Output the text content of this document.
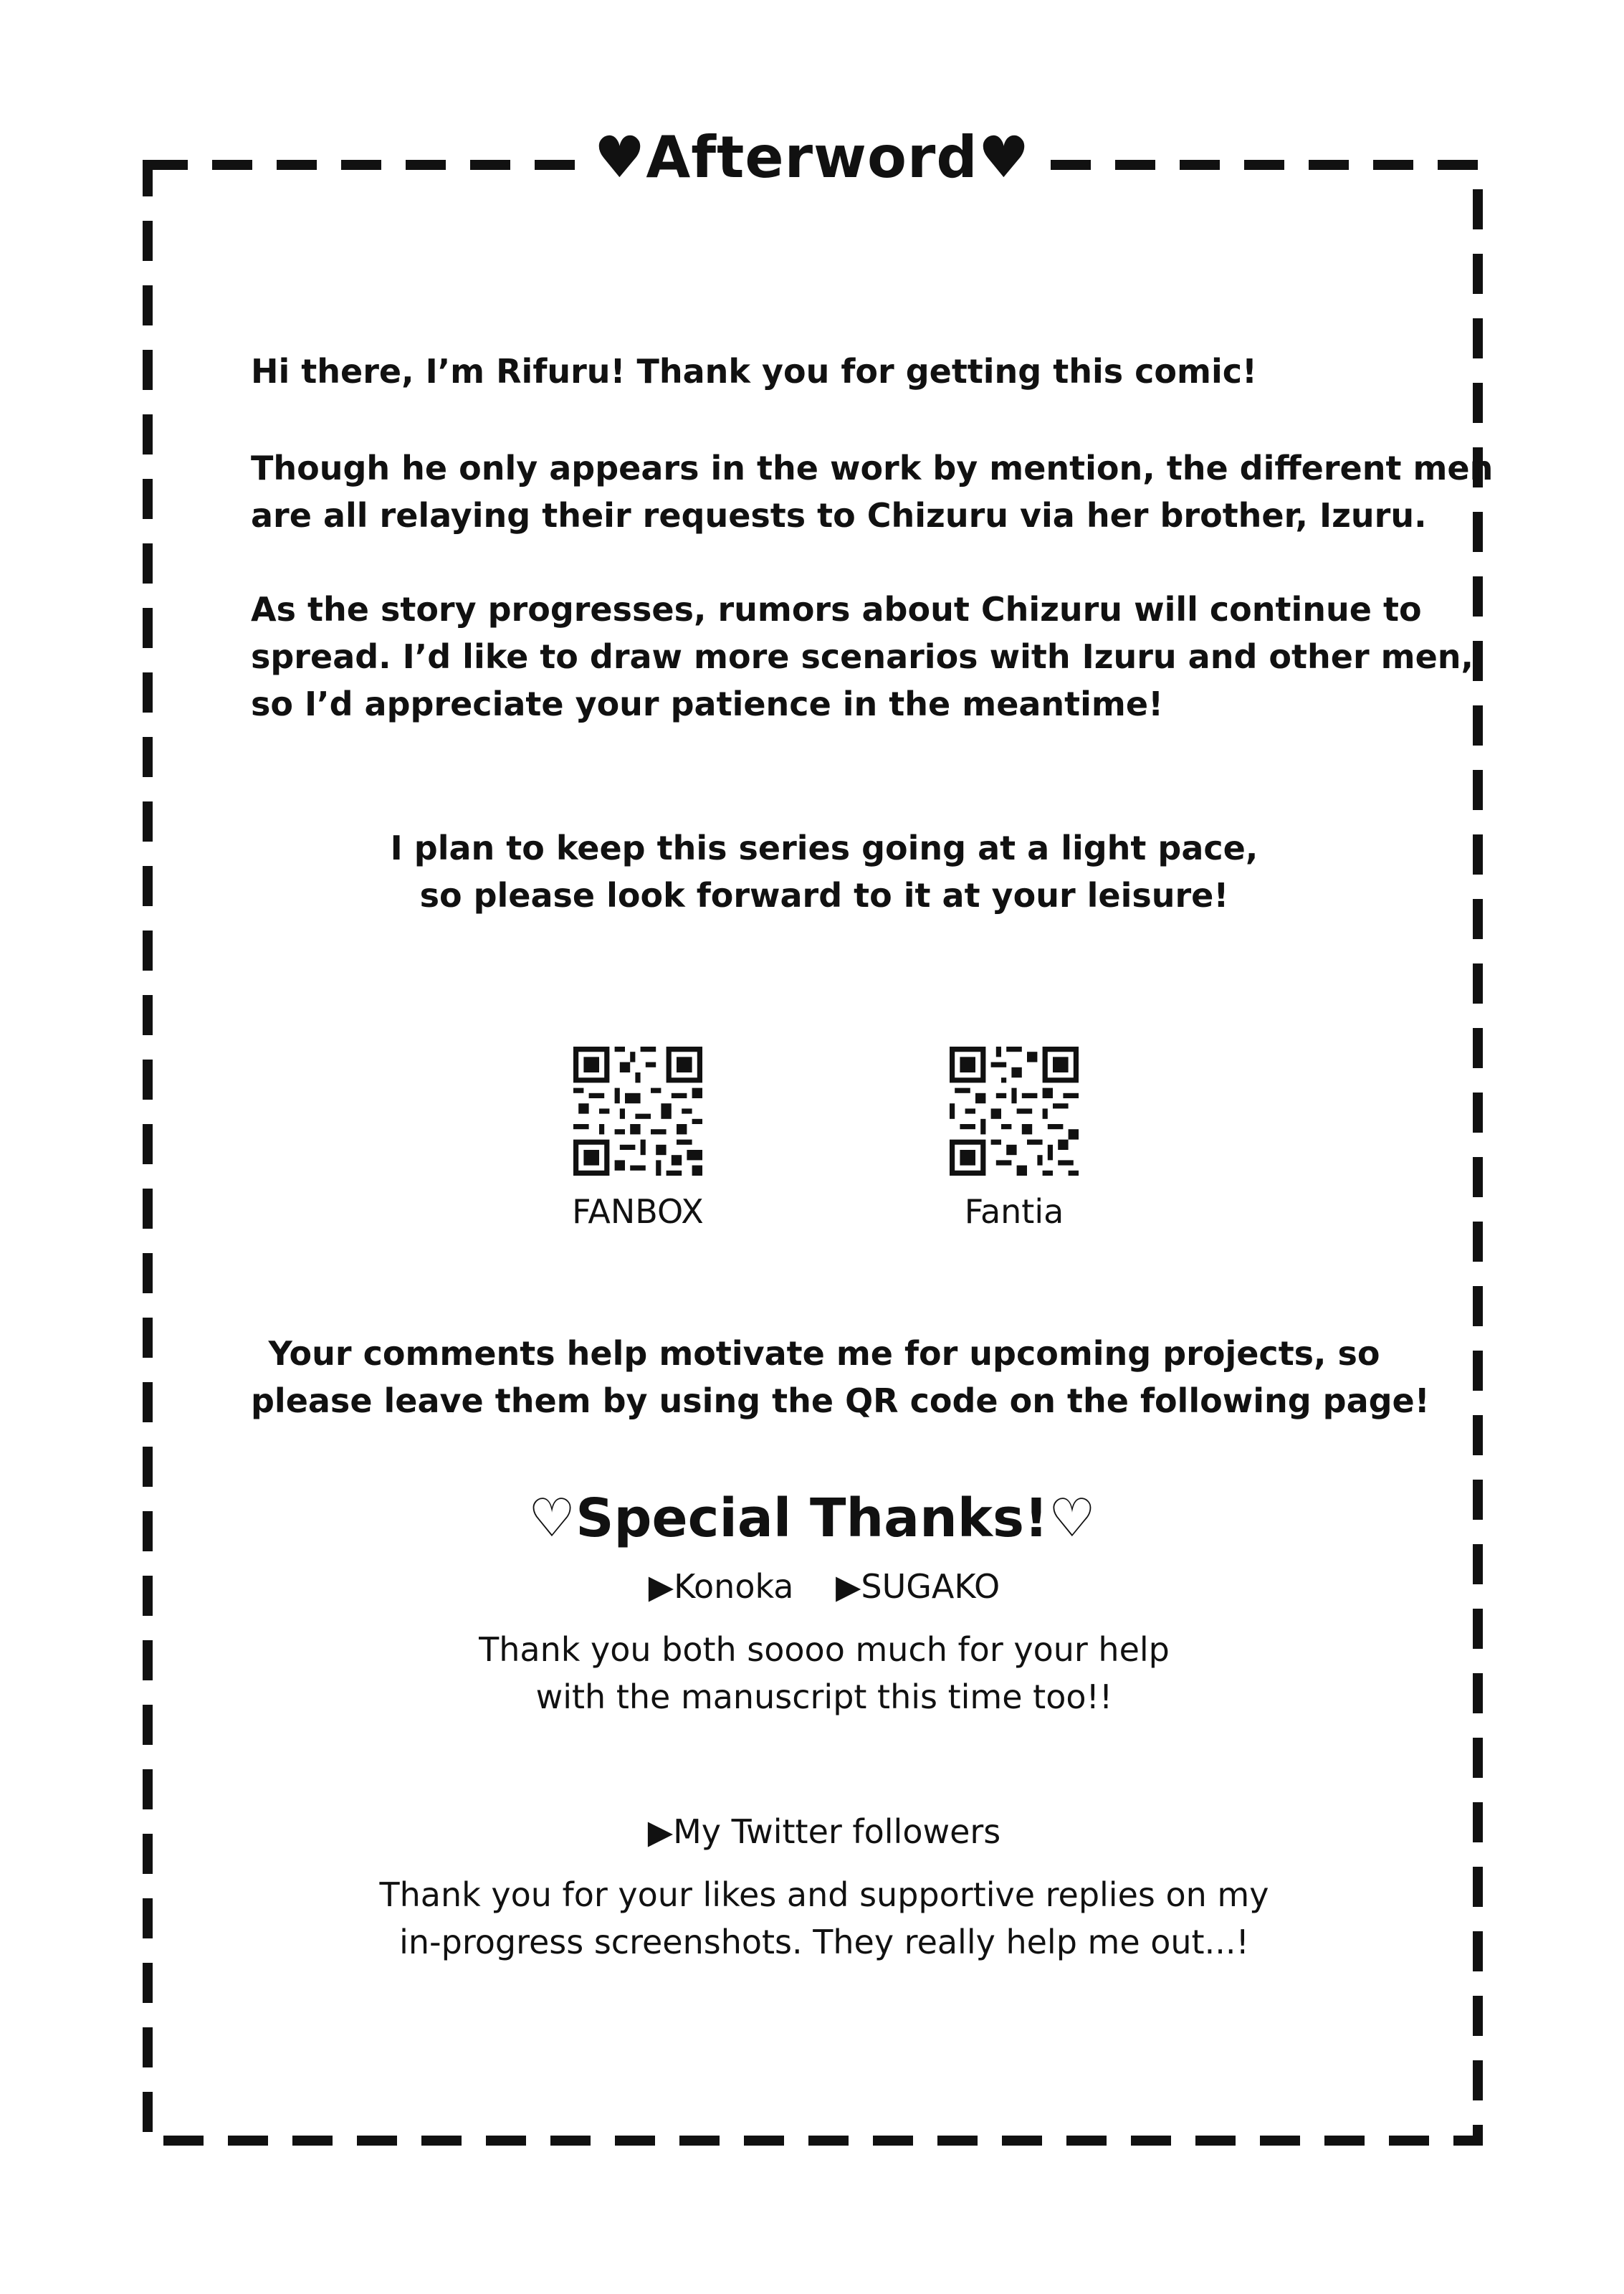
♥Afterword♥

Hi there, I’m Rifuru! Thank you for getting this comic!

Though he only appears in the work by mention, the different men
are all relaying their requests to Chizuru via her brother, Izuru.

As the story progresses, rumors about Chizuru will continue to
spread. I’d like to draw more scenarios with Izuru and other men,
so I’d appreciate your patience in the meantime!

I plan to keep this series going at a light pace,
so please look forward to it at your leisure!

FANBOX	Fantia

Your comments help motivate me for upcoming projects, so
please leave them by using the QR code on the following page!

♡Special Thanks!♡

▶Konoka ▶SUGAKO

Thank you both soooo much for your help
with the manuscript this time too!!

▶My Twitter followers

Thank you for your likes and supportive replies on my
in-progress screenshots. They really help me out...!
